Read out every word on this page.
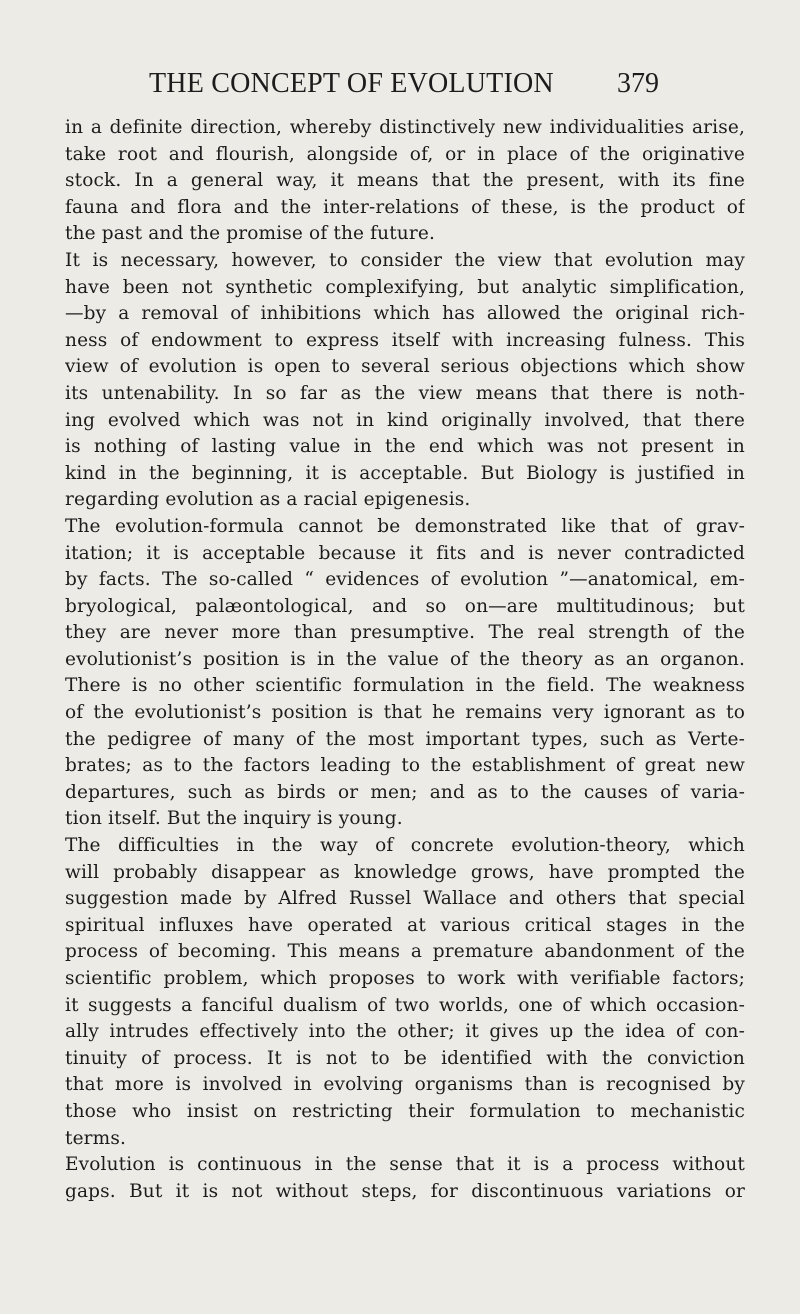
THE CONCEPT OF EVOLUTION 379
in a definite direction, whereby distinctively new individualities arise,
take root and flourish, alongside of, or in place of the originative
stock. In a general way, it means that the present, with its fine
fauna and flora and the inter-relations of these, is the product of
the past and the promise of the future.
It is necessary, however, to consider the view that evolution may
have been not synthetic complexifying, but analytic simplification,
—by a removal of inhibitions which has allowed the original rich-
ness of endowment to express itself with increasing fulness. This
view of evolution is open to several serious objections which show
its untenability. In so far as the view means that there is noth-
ing evolved which was not in kind originally involved, that there
is nothing of lasting value in the end which was not present in
kind in the beginning, it is acceptable. But Biology is justified in
regarding evolution as a racial epigenesis.
The evolution-formula cannot be demonstrated like that of grav-
itation; it is acceptable because it fits and is never contradicted
by facts. The so-called “ evidences of evolution ”—anatomical, em-
bryological, palæontological, and so on—are multitudinous; but
they are never more than presumptive. The real strength of the
evolutionist’s position is in the value of the theory as an organon.
There is no other scientific formulation in the field. The weakness
of the evolutionist’s position is that he remains very ignorant as to
the pedigree of many of the most important types, such as Verte-
brates; as to the factors leading to the establishment of great new
departures, such as birds or men; and as to the causes of varia-
tion itself. But the inquiry is young.
The difficulties in the way of concrete evolution-theory, which
will probably disappear as knowledge grows, have prompted the
suggestion made by Alfred Russel Wallace and others that special
spiritual influxes have operated at various critical stages in the
process of becoming. This means a premature abandonment of the
scientific problem, which proposes to work with verifiable factors;
it suggests a fanciful dualism of two worlds, one of which occasion-
ally intrudes effectively into the other; it gives up the idea of con-
tinuity of process. It is not to be identified with the conviction
that more is involved in evolving organisms than is recognised by
those who insist on restricting their formulation to mechanistic
terms.
Evolution is continuous in the sense that it is a process without
gaps. But it is not without steps, for discontinuous variations or
